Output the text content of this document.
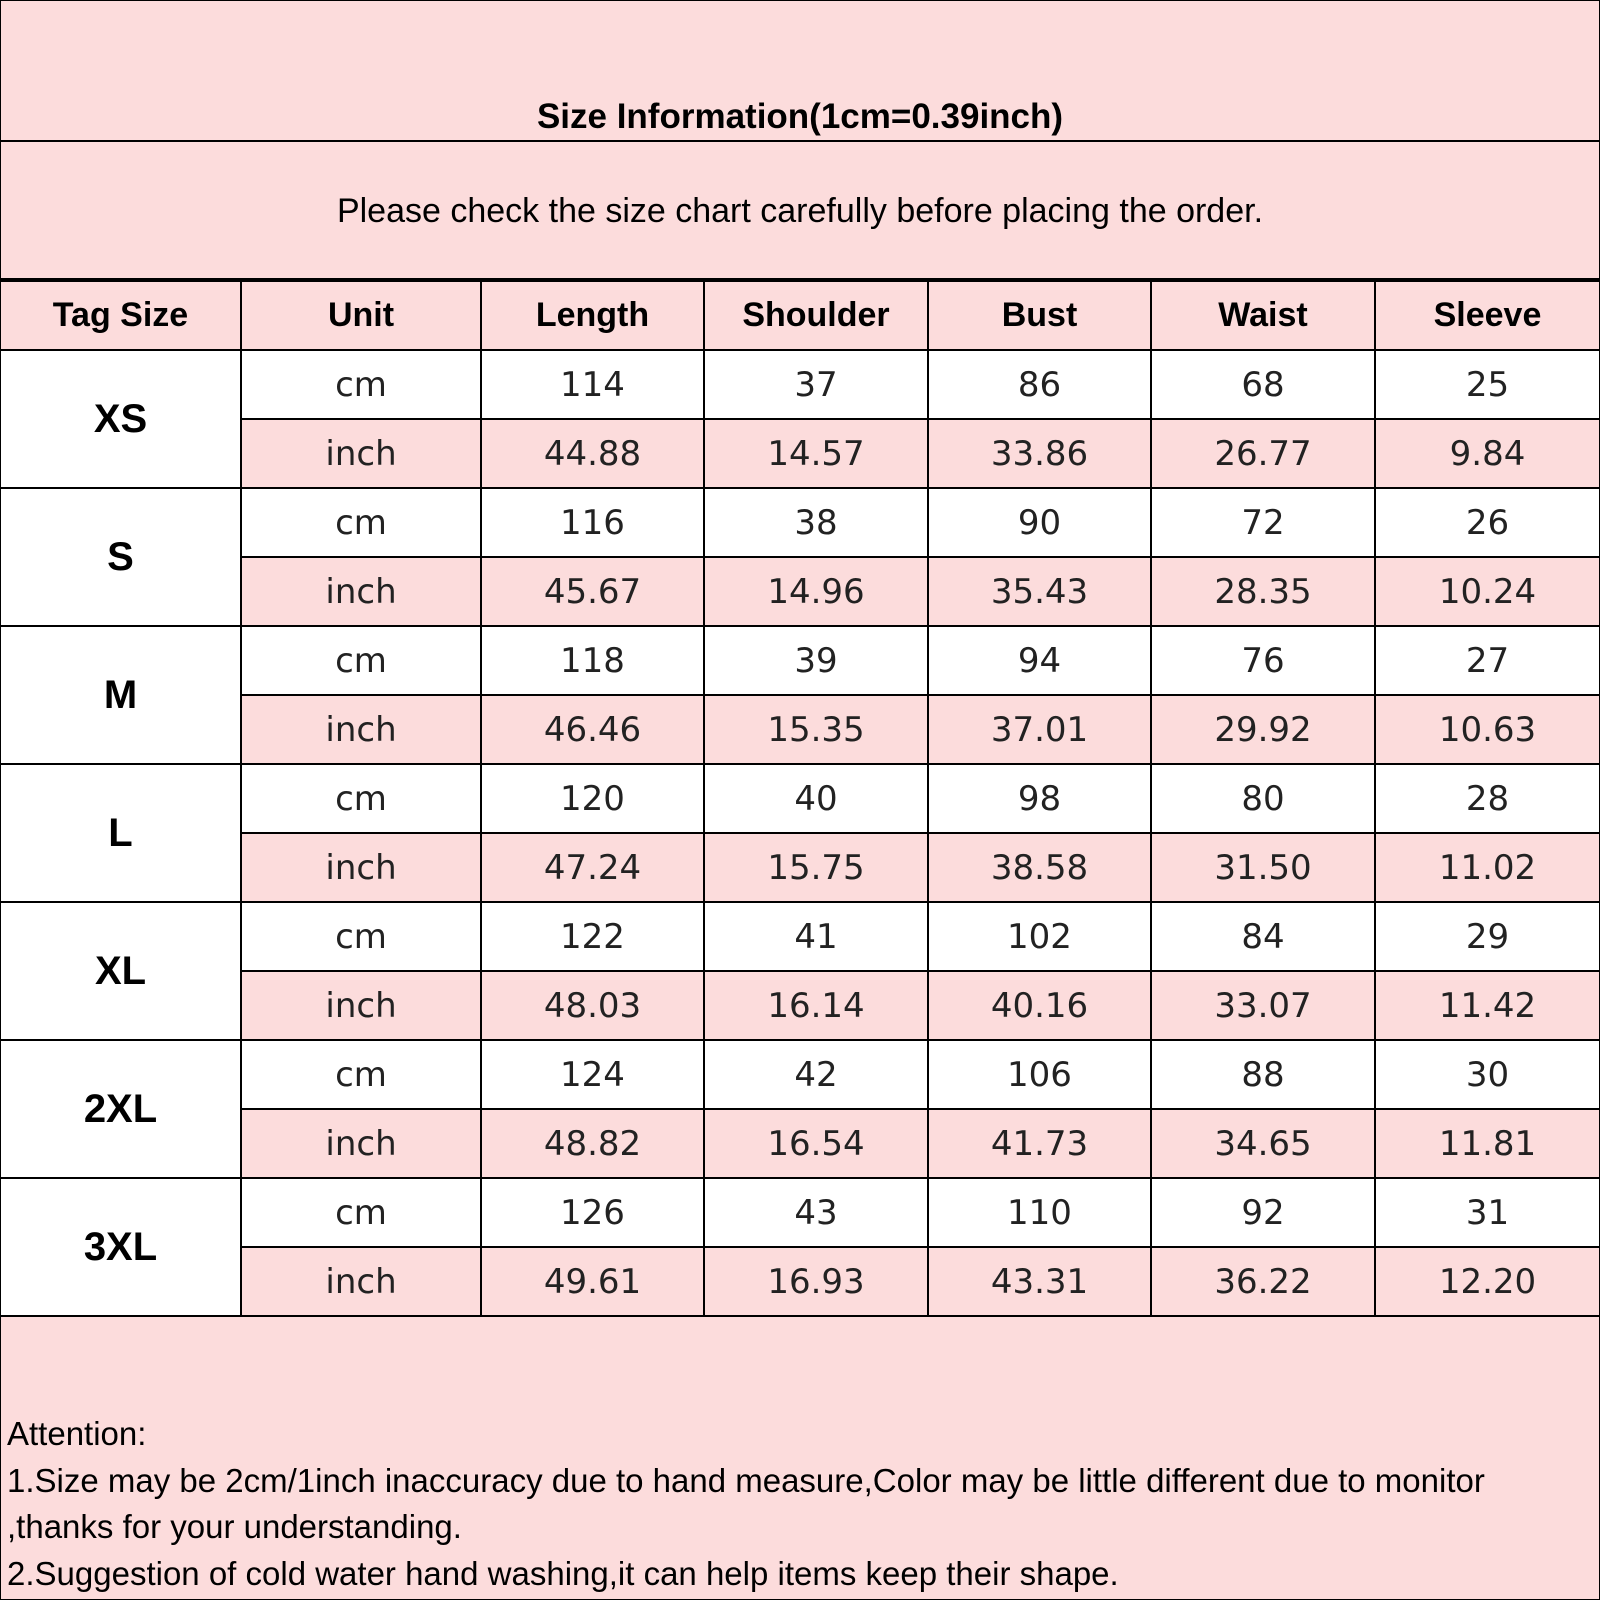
Size Information(1cm=0.39inch)
Please check the size chart carefully before placing the order.
Tag Size	Unit	Length	Shoulder	Bust	Waist	Sleeve
XS	cm	114	37	86	68	25
	inch	44.88	14.57	33.86	26.77	9.84
S	cm	116	38	90	72	26
	inch	45.67	14.96	35.43	28.35	10.24
M	cm	118	39	94	76	27
	inch	46.46	15.35	37.01	29.92	10.63
L	cm	120	40	98	80	28
	inch	47.24	15.75	38.58	31.50	11.02
XL	cm	122	41	102	84	29
	inch	48.03	16.14	40.16	33.07	11.42
2XL	cm	124	42	106	88	30
	inch	48.82	16.54	41.73	34.65	11.81
3XL	cm	126	43	110	92	31
	inch	49.61	16.93	43.31	36.22	12.20
Attention:
1.Size may be 2cm/1inch inaccuracy due to hand measure,Color may be little different due to monitor
,thanks for your understanding.
2.Suggestion of cold water hand washing,it can help items keep their shape.
